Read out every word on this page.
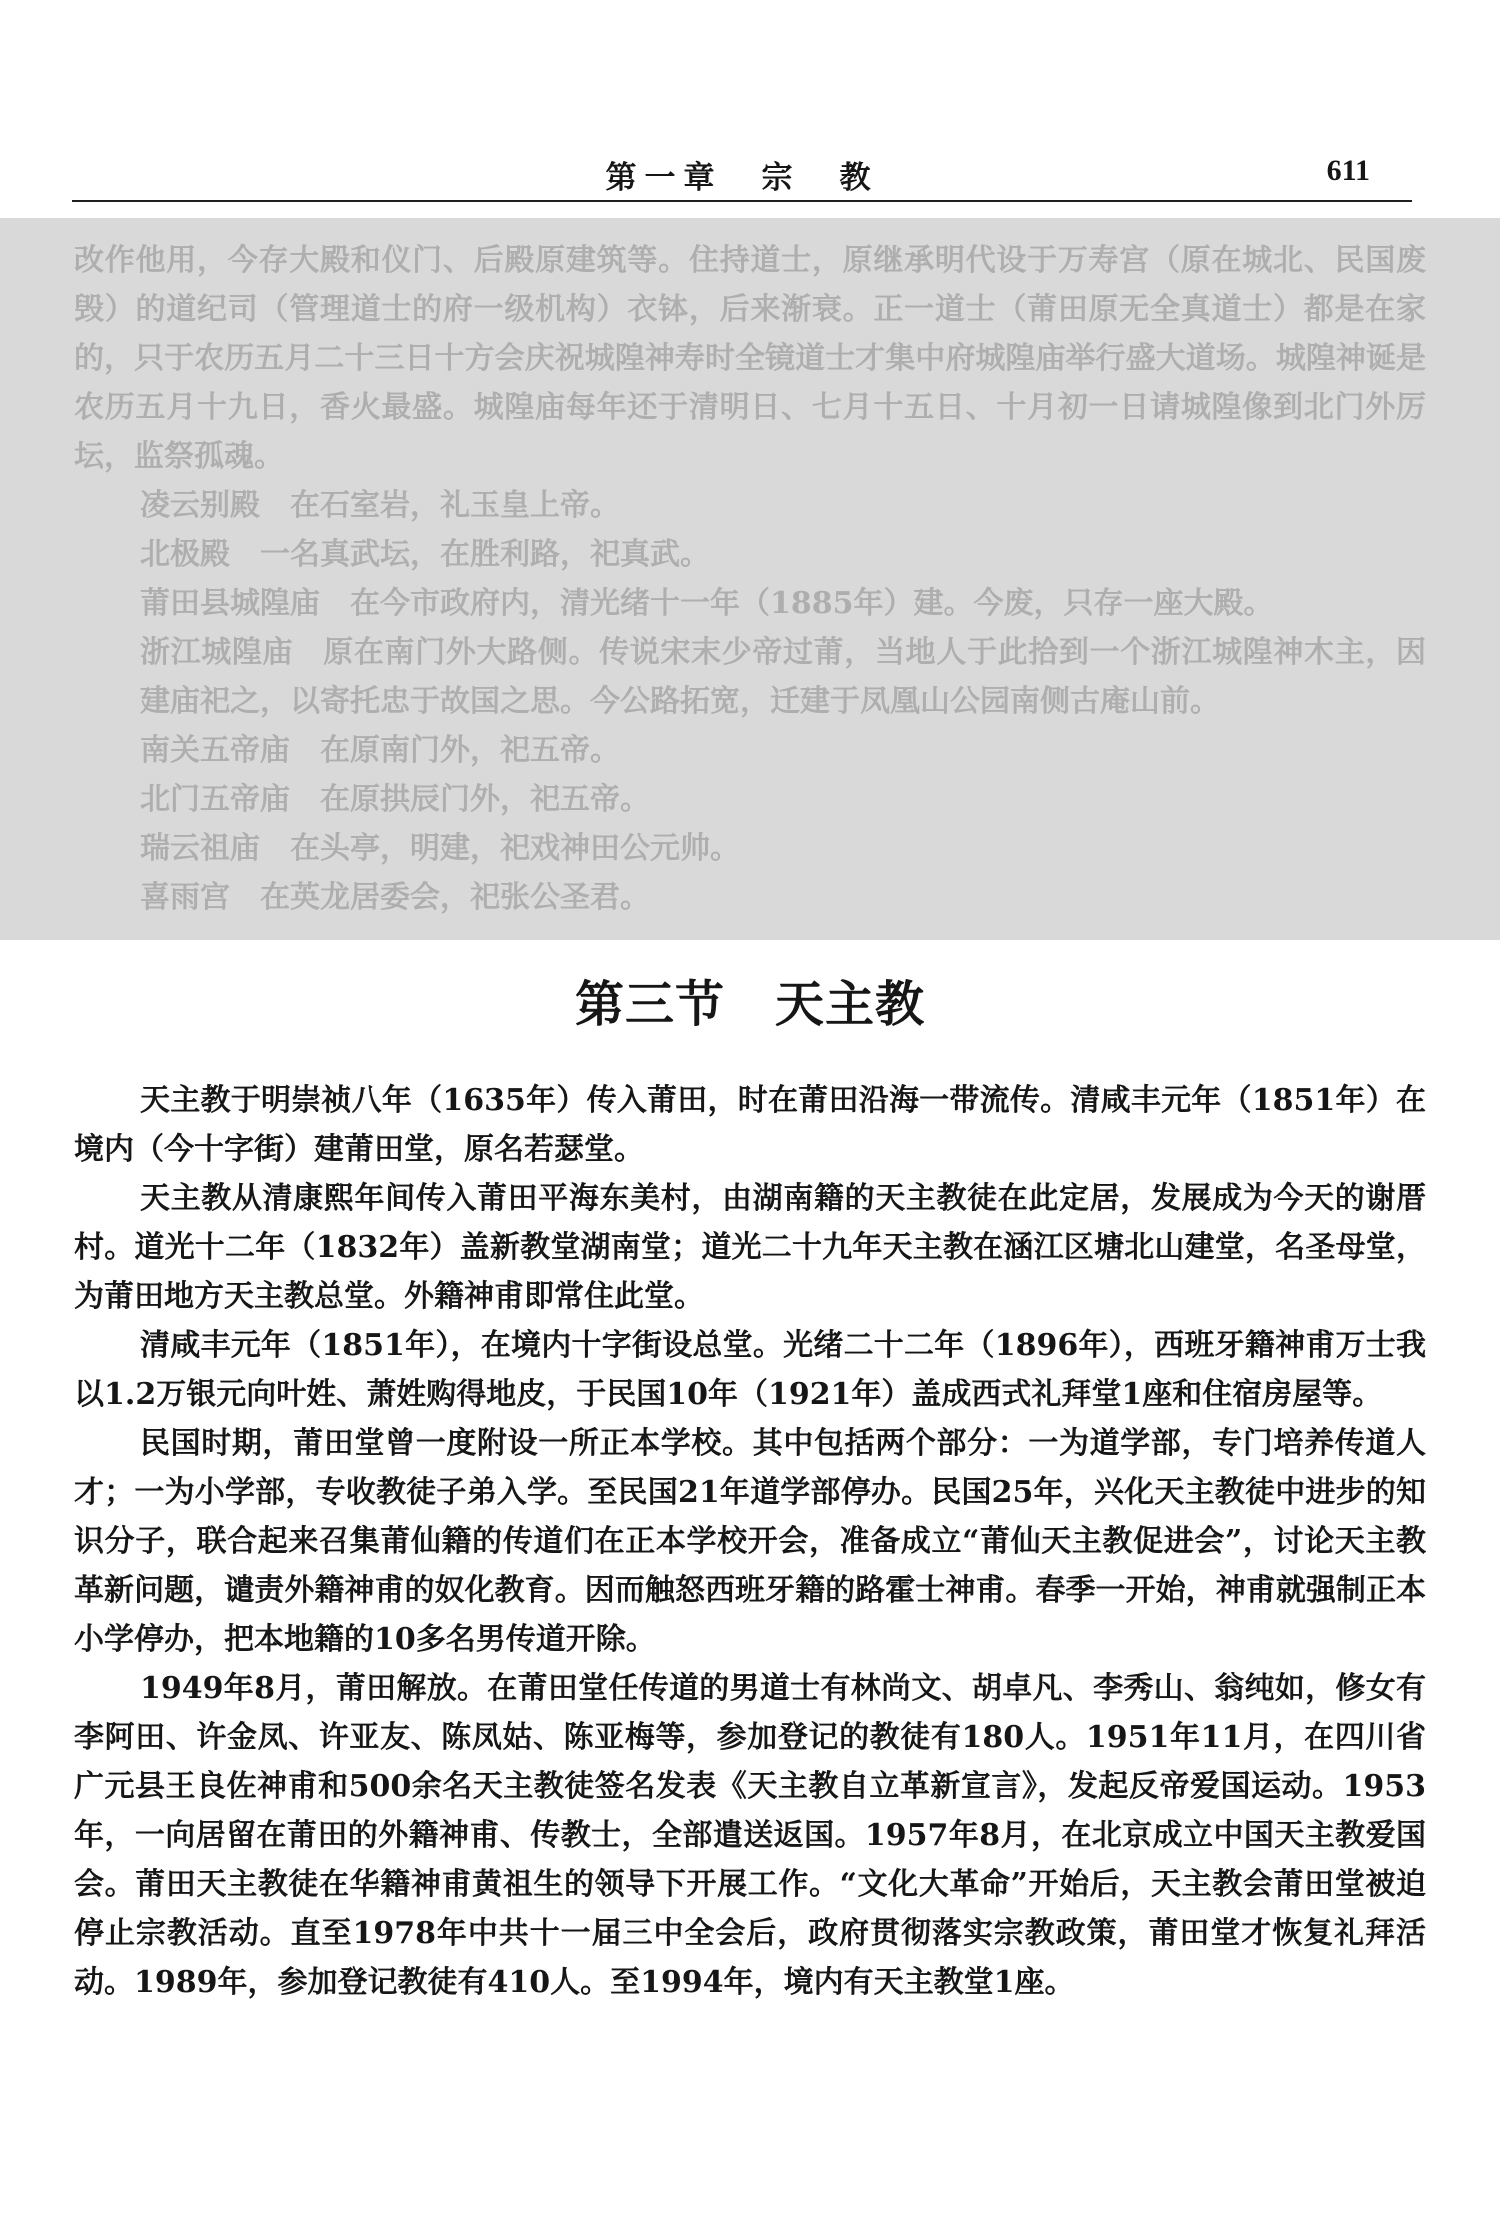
第一章　宗　教	611

改作他用，今存大殿和仪门、后殿原建筑等。住持道士，原继承明代设于万寿宫（原在城北、民国废毁）的道纪司（管理道士的府一级机构）衣钵，后来渐衰。正一道士（莆田原无全真道士）都是在家的，只于农历五月二十三日十方会庆祝城隍神寿时全镜道士才集中府城隍庙举行盛大道场。城隍神诞是农历五月十九日，香火最盛。城隍庙每年还于清明日、七月十五日、十月初一日请城隍像到北门外厉坛，监祭孤魂。

凌云别殿 在石室岩，礼玉皇上帝。

北极殿 一名真武坛，在胜利路，祀真武。

莆田县城隍庙 在今市政府内，清光绪十一年（1885年）建。今废，只存一座大殿。

浙江城隍庙 原在南门外大路侧。传说宋末少帝过莆，当地人于此拾到一个浙江城隍神木主，因建庙祀之，以寄托忠于故国之思。今公路拓宽，迁建于凤凰山公园南侧古庵山前。

南关五帝庙 在原南门外，祀五帝。

北门五帝庙 在原拱辰门外，祀五帝。

瑞云祖庙 在头亭，明建，祀戏神田公元帅。

喜雨宫 在英龙居委会，祀张公圣君。

第三节　天主教

天主教于明崇祯八年（1635年）传入莆田，时在莆田沿海一带流传。清咸丰元年（1851年）在境内（今十字街）建莆田堂，原名若瑟堂。

天主教从清康熙年间传入莆田平海东美村，由湖南籍的天主教徒在此定居，发展成为今天的谢厝村。道光十二年（1832年）盖新教堂湖南堂；道光二十九年天主教在涵江区塘北山建堂，名圣母堂，为莆田地方天主教总堂。外籍神甫即常住此堂。

清咸丰元年（1851年），在境内十字街设总堂。光绪二十二年（1896年），西班牙籍神甫万士我以1.2万银元向叶姓、萧姓购得地皮，于民国10年（1921年）盖成西式礼拜堂1座和住宿房屋等。

民国时期，莆田堂曾一度附设一所正本学校。其中包括两个部分：一为道学部，专门培养传道人才；一为小学部，专收教徒子弟入学。至民国21年道学部停办。民国25年，兴化天主教徒中进步的知识分子，联合起来召集莆仙籍的传道们在正本学校开会，准备成立“莆仙天主教促进会”，讨论天主教革新问题，谴责外籍神甫的奴化教育。因而触怒西班牙籍的路霍士神甫。春季一开始，神甫就强制正本小学停办，把本地籍的10多名男传道开除。

1949年8月，莆田解放。在莆田堂任传道的男道士有林尚文、胡卓凡、李秀山、翁纯如，修女有李阿田、许金凤、许亚友、陈凤姑、陈亚梅等，参加登记的教徒有180人。1951年11月，在四川省广元县王良佐神甫和500余名天主教徒签名发表《天主教自立革新宣言》，发起反帝爱国运动。1953年，一向居留在莆田的外籍神甫、传教士，全部遣送返国。1957年8月，在北京成立中国天主教爱国会。莆田天主教徒在华籍神甫黄祖生的领导下开展工作。“文化大革命”开始后，天主教会莆田堂被迫停止宗教活动。直至1978年中共十一届三中全会后，政府贯彻落实宗教政策，莆田堂才恢复礼拜活动。1989年，参加登记教徒有410人。至1994年，境内有天主教堂1座。
